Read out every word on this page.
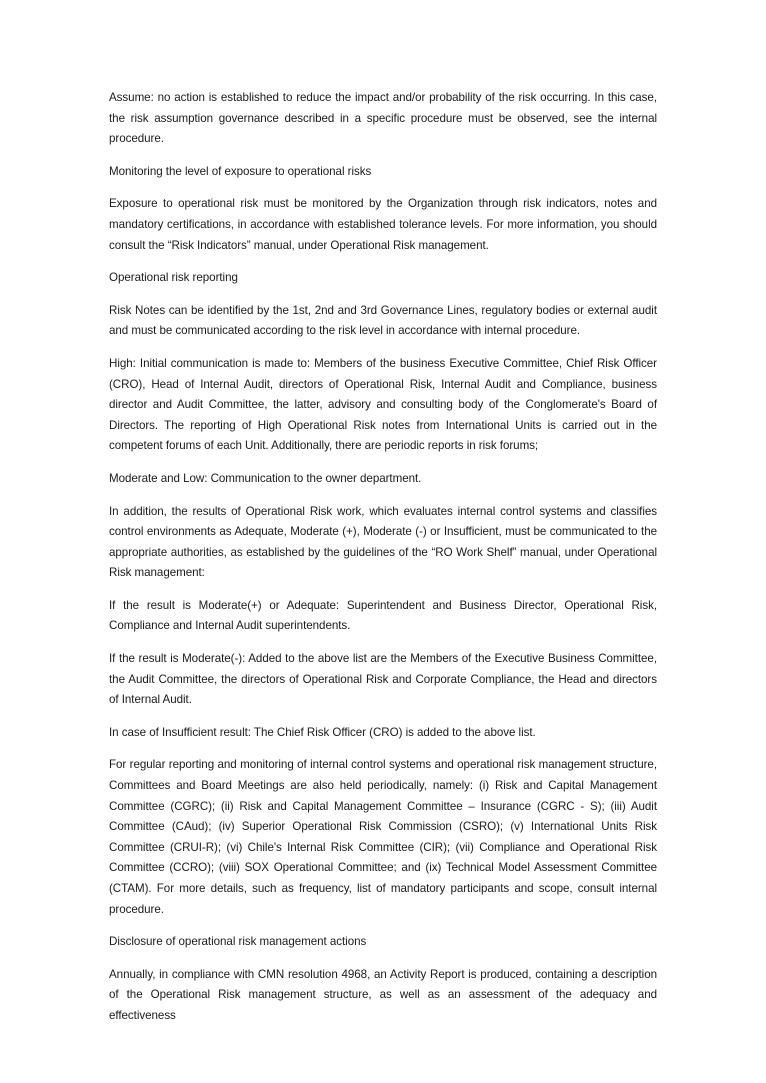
Assume: no action is established to reduce the impact and/or probability of the risk occurring. In this case, the risk assumption governance described in a specific procedure must be observed, see the internal procedure.

Monitoring the level of exposure to operational risks

Exposure to operational risk must be monitored by the Organization through risk indicators, notes and mandatory certifications, in accordance with established tolerance levels. For more information, you should consult the “Risk Indicators” manual, under Operational Risk management.

Operational risk reporting

Risk Notes can be identified by the 1st, 2nd and 3rd Governance Lines, regulatory bodies or external audit and must be communicated according to the risk level in accordance with internal procedure.

High: Initial communication is made to: Members of the business Executive Committee, Chief Risk Officer (CRO), Head of Internal Audit, directors of Operational Risk, Internal Audit and Compliance, business director and Audit Committee, the latter, advisory and consulting body of the Conglomerate's Board of Directors. The reporting of High Operational Risk notes from International Units is carried out in the competent forums of each Unit. Additionally, there are periodic reports in risk forums;

Moderate and Low: Communication to the owner department.

In addition, the results of Operational Risk work, which evaluates internal control systems and classifies control environments as Adequate, Moderate (+), Moderate (-) or Insufficient, must be communicated to the appropriate authorities, as established by the guidelines of the “RO Work Shelf” manual, under Operational Risk management:

If the result is Moderate(+) or Adequate: Superintendent and Business Director, Operational Risk, Compliance and Internal Audit superintendents.

If the result is Moderate(-): Added to the above list are the Members of the Executive Business Committee, the Audit Committee, the directors of Operational Risk and Corporate Compliance, the Head and directors of Internal Audit.

In case of Insufficient result: The Chief Risk Officer (CRO) is added to the above list.

For regular reporting and monitoring of internal control systems and operational risk management structure, Committees and Board Meetings are also held periodically, namely: (i) Risk and Capital Management Committee (CGRC); (ii) Risk and Capital Management Committee – Insurance (CGRC - S); (iii) Audit Committee (CAud); (iv) Superior Operational Risk Commission (CSRO); (v) International Units Risk Committee (CRUI-R); (vi) Chile's Internal Risk Committee (CIR); (vii) Compliance and Operational Risk Committee (CCRO); (viii) SOX Operational Committee; and (ix) Technical Model Assessment Committee (CTAM). For more details, such as frequency, list of mandatory participants and scope, consult internal procedure.

Disclosure of operational risk management actions

Annually, in compliance with CMN resolution 4968, an Activity Report is produced, containing a description of the Operational Risk management structure, as well as an assessment of the adequacy and effectiveness
